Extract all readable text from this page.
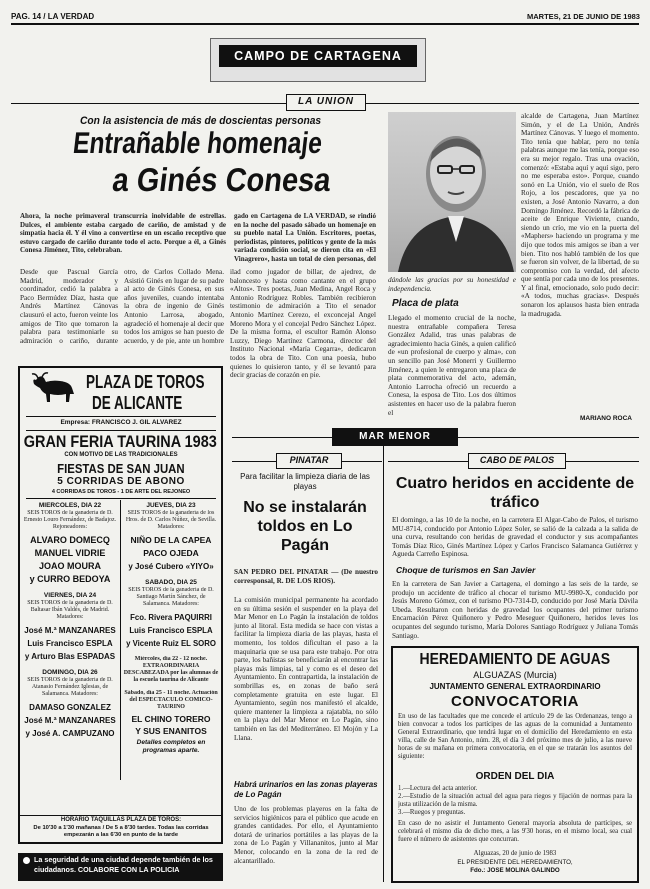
PAG. 14 / LA VERDAD	MARTES, 21 DE JUNIO DE 1983
CAMPO DE CARTAGENA
LA UNION
Con la asistencia de más de doscientas personas
Entrañable homenaje
a Ginés Conesa
Ahora, la noche primaveral transcurría inolvidable de estrellas. Dulces, el ambiente estaba cargado de cariño, de amistad y de simpatía hacia él. Y él vino a convertirse en un escaño receptivo que estuvo cargado de cariño durante todo el acto. Porque a él, a Ginés Conesa Jiménez, Tito, celebraban.
gado en Cartagena de LA VERDAD, se rindió en la noche del pasado sábado un homenaje en su pueblo natal La Unión. Escritores, poetas, periodistas, pintores, políticos y gente de la más variada condición social, se dieron cita en «El Vinagrero», hasta un total de cien personas, del
Desde que Pascual García Madrid, moderador y coordinador, cedió la palabra a Paco Bermúdez Díaz, hasta que Andrés Martínez Cánovas clausuró el acto, fueron veinte los amigos de Tito que tomaron la palabra para testimoniarle su admiración o cariño, durante
otro, de Carlos Collado Mena. Asistió Ginés en lugar de su padre al acto de Ginés Conesa, en sus años juveniles, cuando intentaba la obra de ingenio de Ginés Antonio Larrosa, abogado, agradeció el homenaje al decir que todos los amigos se han puesto de acuerdo, y de pie, ante un hombre
ilad como jugador de billar, de ajedrez, de baloncesto y hasta como cantante en el grupo «Altos». Tres poetas, Juan Medina, Angel Roca y Antonio Rodríguez Robles. También recibieron testimonio de admiración a Tito el senador Antonio Martínez Cerezo, el exconcejal Angel Moreno Mora y el concejal Pedro Sánchez López. De la misma forma, el escultor Ramón Alonso Luzzy, Diego Martínez Carmona, director del Instituto Nacional «María Cegarra», dedicaron todos la obra de Tito. Con una poesía, hubo quienes lo quisieron tanto, y él se levantó para decir gracias de corazón en pie.
dándole las gracias por su honestidad e independencia.
Placa de plata
Llegado el momento crucial de la noche, nuestra entrañable compañera Teresa González Adalid, tras unas palabras de agradecimiento hacia Ginés, a quien calificó de «un profesional de cuerpo y alma», con un sencillo pan José Monerri y Guillermo Jiménez, a quien le entregaron una placa de plata conmemorativa del acto, ademán, Antonio Larrocha ofreció un recuerdo a Conesa, la esposa de Tito. Los dos últimos asistentes en hacer uso de la palabra fueron el
alcalde de Cartagena, Juan Martínez Simón, y el de La Unión, Andrés Martínez Cánovas. Y luego el momento. Tito tenía que hablar, pero no tenía palabras aunque me las tenía, porque eso era su mejor regalo. Tras una ovación, comenzó: «Estaba aquí y aquí sigo, pero no me esperaba esto». Porque, cuando sonó en La Unión, vio el suelo de Ros Rojo, a los pescadores, que ya no existen, a José Antonio Navarro, a don Domingo Jiménez. Recordó la fábrica de aceite de Enrique Viviente, cuando, siendo un crío, me vio en la puerta del «Maphers» haciendo un programa y me dijo que todos mis amigos se iban a ver bien. Tito nos habló también de los que se fueron sin volver, de la libertad, de su compromiso con la verdad, del afecto que sentía por cada uno de los presentes. Y al final, emocionado, solo pudo decir: «A todos, muchas gracias». Después sonaron los aplausos hasta bien entrada la madrugada.
MARIANO ROCA
PLAZA DE TOROS
DE ALICANTE
Empresa: FRANCISCO J. GIL ALVAREZ
GRAN FERIA TAURINA 1983
CON MOTIVO DE LAS TRADICIONALES
FIESTAS DE SAN JUAN
5 CORRIDAS DE ABONO
4 CORRIDAS DE TOROS - 1 DE ARTE DEL REJONEO
MIERCOLES, DIA 22
SEIS TOROS de la ganadería de D. Ernesto Louro Fernández, de Badajoz. Rejoneadores:
ALVARO DOMECQ
MANUEL VIDRIE
JOAO MOURA
y CURRO BEDOYA
VIERNES, DIA 24
SEIS TOROS de la ganadería de D. Baltasar Ibán Valdés, de Madrid. Matadores:
José M.ª MANZANARES
Luis Francisco ESPLA
y Arturo Blas ESPADAS
DOMINGO, DIA 26
SEIS TOROS de la ganadería de D. Atanasio Fernández Iglesias, de Salamanca. Matadores:
DAMASO GONZALEZ
José M.ª MANZANARES
y José A. CAMPUZANO
JUEVES, DIA 23
SEIS TOROS de la ganadería de los Hros. de D. Carlos Núñez, de Sevilla. Matadores:
NIÑO DE LA CAPEA
PACO OJEDA
y José Cubero «YIYO»
SABADO, DIA 25
SEIS TOROS de la ganadería de D. Santiago Martín Sánchez, de Salamanca. Matadores:
Fco. Rivera PAQUIRRI
Luis Francisco ESPLA
y Vicente Ruiz EL SORO
Miércoles, día 22 - 12 noche. EXTRAORDINARIA DESCABEZADA por las alumnas de la escuela taurina de Alicante
Sábado, día 25 - 11 noche. Actuación del ESPECTACULO COMICO-TAURINO
EL CHINO TORERO
Y SUS ENANITOS
Detalles completos en programas aparte.
HORARIO TAQUILLAS PLAZA DE TOROS:
De 10'30 a 1'30 mañanas / De 5 a 8'30 tardes. Todas las corridas empezarán a las 6'30 en punto de la tarde
La seguridad de una ciudad depende también de los ciudadanos. COLABORE CON LA POLICIA
MAR MENOR
PINATAR
Para facilitar la limpieza diaria de las playas
No se instalarán toldos en Lo Pagán
SAN PEDRO DEL PINATAR — (De nuestro corresponsal, R. DE LOS RIOS).
La comisión municipal permanente ha acordado en su última sesión el suspender en la playa del Mar Menor en Lo Pagán la instalación de toldos junto al litoral. Esta medida se hace con vistas a facilitar la limpieza diaria de las playas, hasta el momento, los toldos dificultan el paso a la maquinaria que se usa para este trabajo. Por otra parte, los bañistas se beneficiarán al encontrar las playas más limpias, tal y como es el deseo del Ayuntamiento. En contrapartida, la instalación de sombrillas es, en zonas de baño será completamente gratuita en este lugar. El Ayuntamiento, según nos manifestó el alcalde, quiere mantener la limpieza a rajatabla, no sólo en la playa del Mar Menor en Lo Pagán, sino también en las del Mediterráneo. El Mojón y La Llana.
Habrá urinarios en las zonas playeras de Lo Pagán
Uno de los problemas playeros en la falta de servicios higiénicos para el público que acude en grandes cantidades. Por ello, el Ayuntamiento dotará de urinarios portátiles a las playas de la zona de Lo Pagán y Villananitos, junto al Mar Menor, colocando en la zona de la red de alcantarillado.
CABO DE PALOS
Cuatro heridos en accidente de tráfico
El domingo, a las 10 de la noche, en la carretera El Algar-Cabo de Palos, el turismo MU-8714, conducido por Antonio López Soler, se salió de la calzada a la salida de una curva, resultando con heridas de gravedad el conductor y sus acompañantes Tomás Díaz Rico, Ginés Martínez López y Carlos Francisco Salamanca Gutiérrez y Agueda Carreño Espinosa.
Choque de turismos en San Javier
En la carretera de San Javier a Cartagena, el domingo a las seis de la tarde, se produjo un accidente de tráfico al chocar el turismo MU-9980-X, conducido por Jesús Moreno Gómez, con el turismo PO-7314-D, conducido por José María Dávila Ubeda. Resultaron con heridas de gravedad los ocupantes del primer turismo Encarnación Pérez Quiñonero y Pedro Meseguer Quiñonero, heridos leves los ocupantes del segundo turismo, María Dolores Santiago Rodríguez y Juliana Tomás Santiago.
HEREDAMIENTO DE AGUAS
ALGUAZAS (Murcia)
JUNTAMENTO GENERAL EXTRAORDINARIO
CONVOCATORIA
En uso de las facultades que me concede el artículo 29 de las Ordenanzas, tengo a bien convocar a todos los partícipes de las aguas de la comunidad a Juntamento General Extraordinario, que tendrá lugar en el domicilio del Heredamiento en esta villa, calle de San Antonio, núm. 28, el día 3 del próximo mes de julio, a las nueve horas de su mañana en primera convocatoria, en el que se tratarán los asuntos del siguiente:
ORDEN DEL DIA
1.—Lectura del acta anterior.
2.—Estudio de la situación actual del agua para riegos y fijación de normas para la justa utilización de la misma.
3.—Ruegos y preguntas.
En caso de no asistir el Juntamento General mayoría absoluta de partícipes, se celebrará el mismo día de dicho mes, a las 9'30 horas, en el mismo local, sea cual fuere el número de asistentes que concurran.
Alguazas, 20 de junio de 1983
EL PRESIDENTE DEL HEREDAMIENTO,
Fdo.: JOSE MOLINA GALINDO
